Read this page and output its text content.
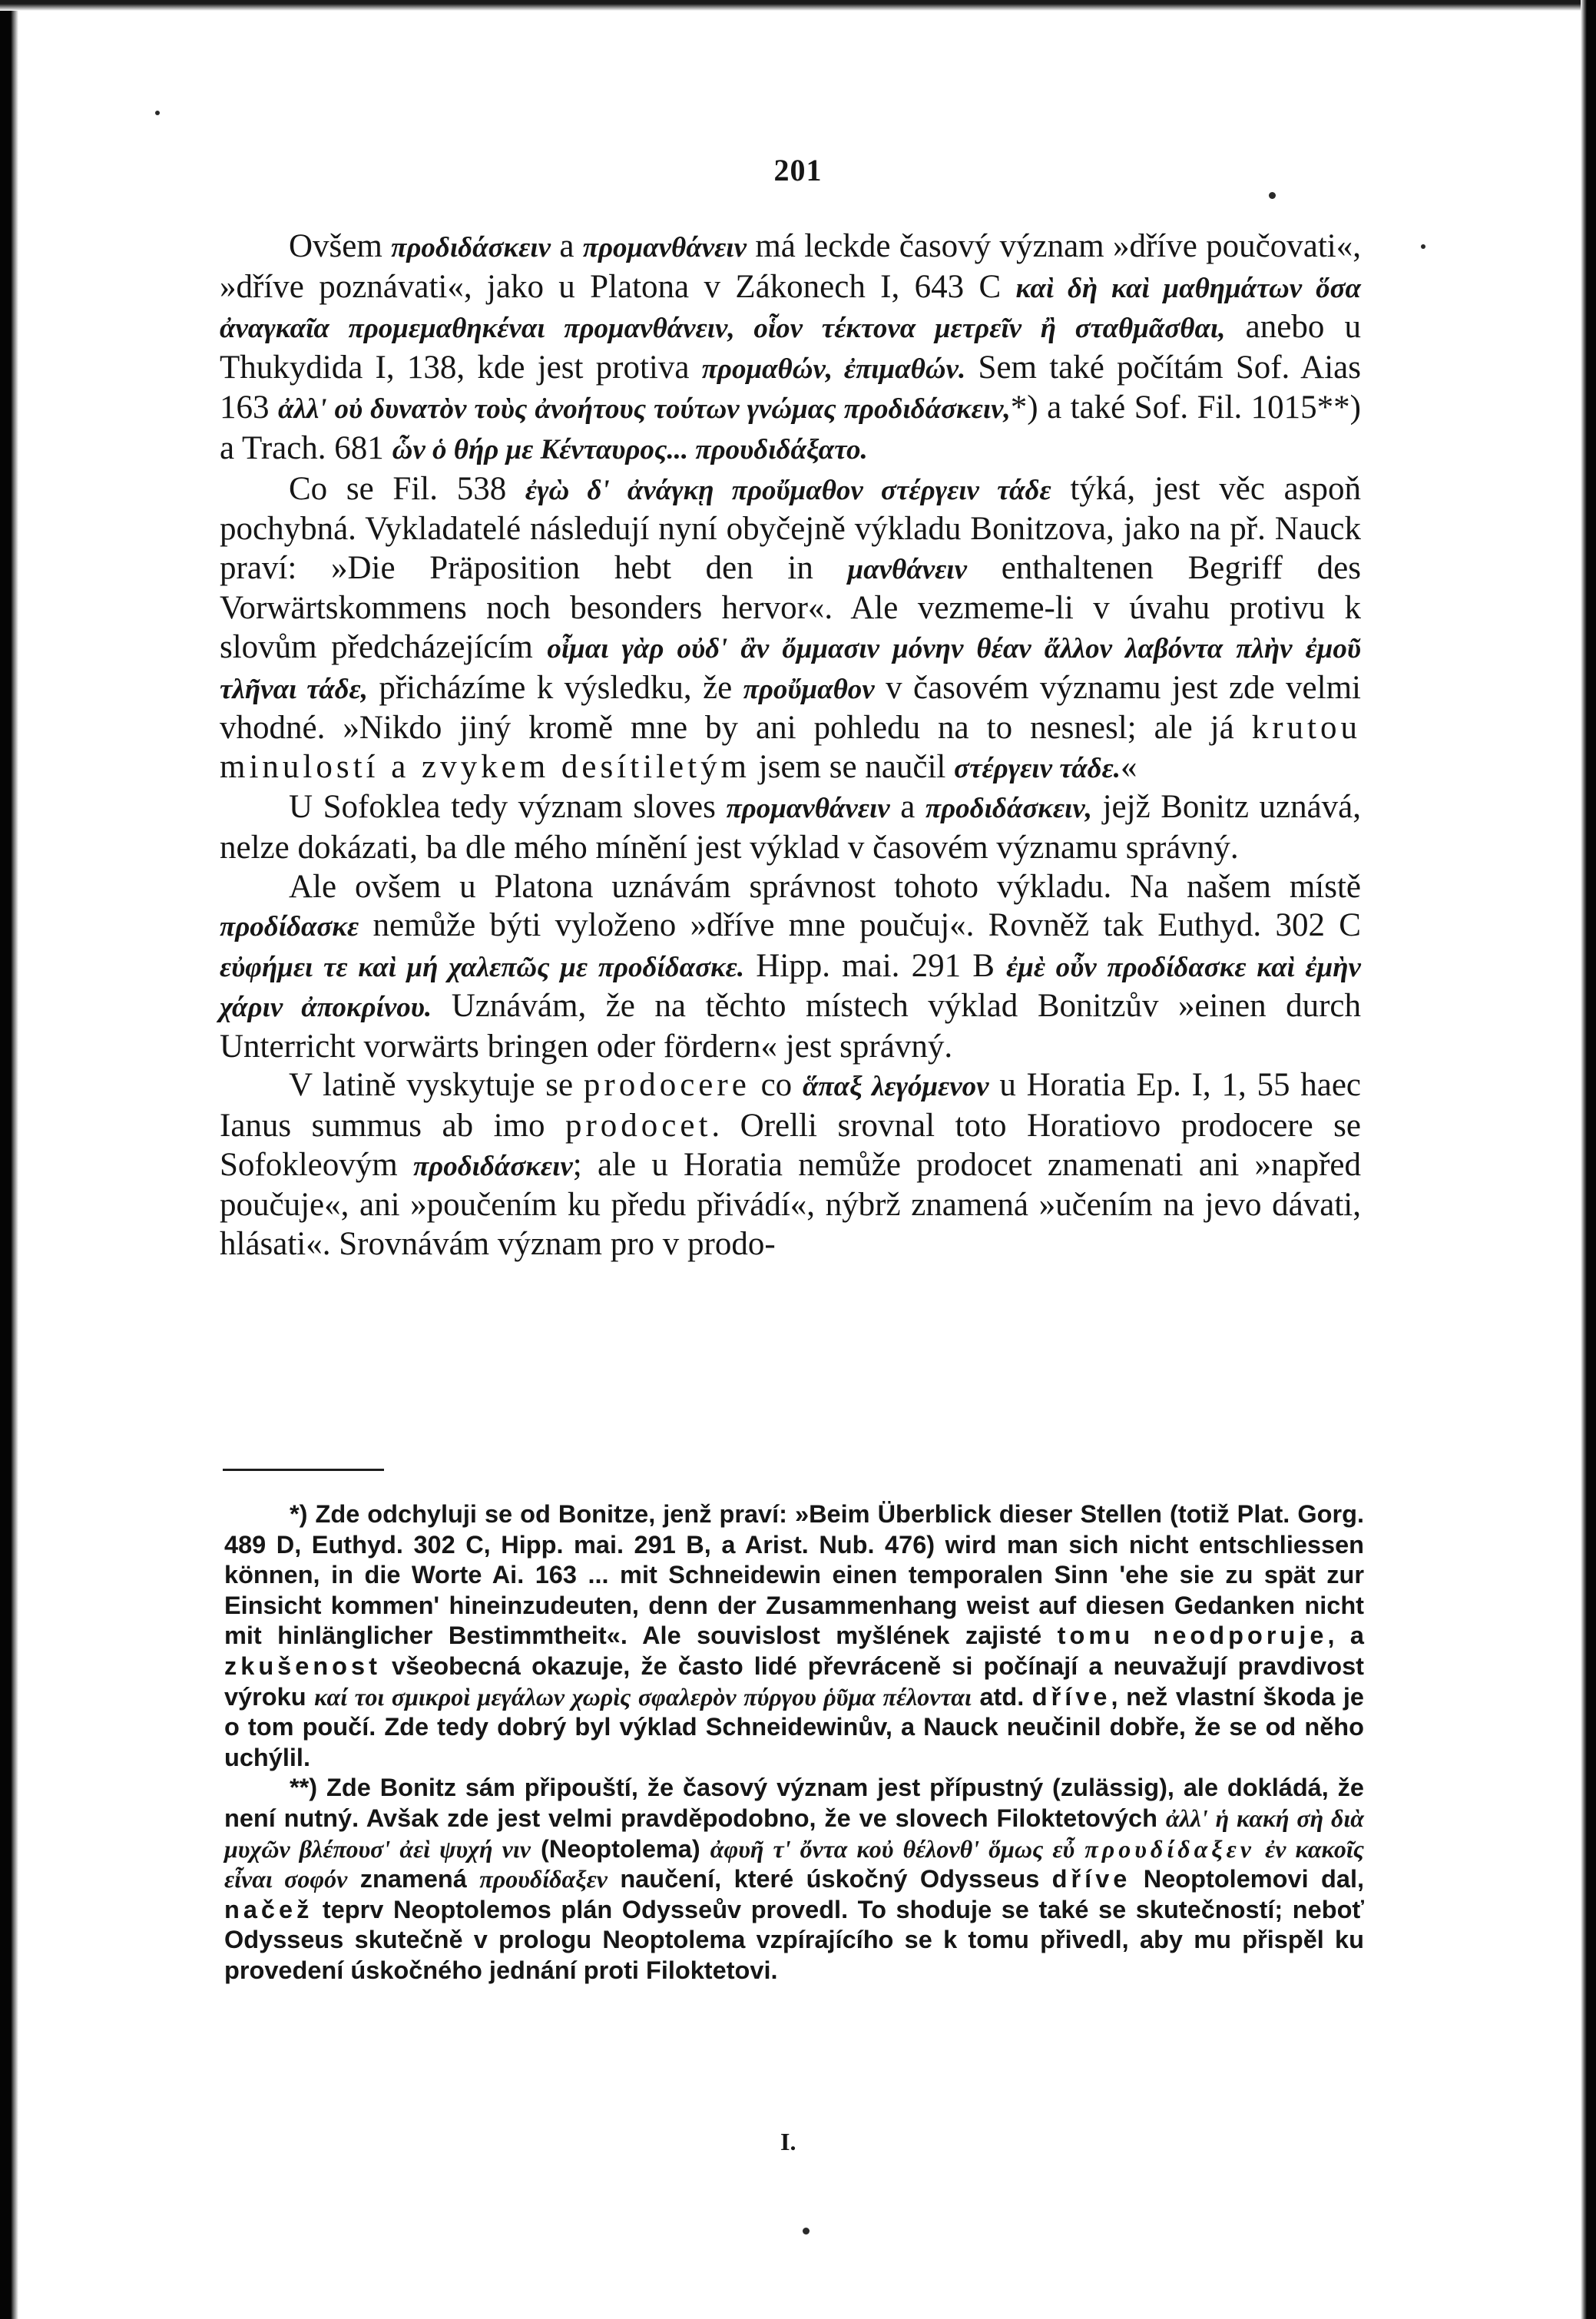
201

Ovšem προδιδάσκειν a προμανθάνειν má leckde časový význam »dříve poučovati«, »dříve poznávati«, jako u Platona v Zákonech I, 643 C καὶ δὴ καὶ μαθημάτων ὅσα ἀναγκαῖα προμεμαθηκέναι προμανθάνειν, οἷον τέκτονα μετρεῖν ἢ σταθμᾶσθαι, anebo u Thukydida I, 138, kde jest protiva προμαθών, ἐπιμαθών. Sem také počítám Sof. Aias 163 ἀλλ' οὐ δυνατὸν τοὺς ἀνοήτους τούτων γνώμας προδιδάσκειν,*) a také Sof. Fil. 1015**) a Trach. 681 ὧν ὁ θήρ με Κένταυρος... προυδιδάξατο.

Co se Fil. 538 ἐγὼ δ' ἀνάγκῃ προὔμαθον στέργειν τάδε týká, jest věc aspoň pochybná. Vykladatelé následují nyní obyčejně výkladu Bonitzova, jako na př. Nauck praví: »Die Präposition hebt den in μανθάνειν enthaltenen Begriff des Vorwärtskommens noch besonders hervor«. Ale vezmeme-li v úvahu protivu k slovům předcházejícím οἶμαι γὰρ οὐδ' ἂν ὄμμασιν μόνην θέαν ἄλλον λαβόντα πλὴν ἐμοῦ τλῆναι τάδε, přicházíme k výsledku, že προὔμαθον v časovém významu jest zde velmi vhodné. »Nikdo jiný kromě mne by ani pohledu na to nesnesl; ale já krutou minulostí a zvykem desítiletým jsem se naučil στέργειν τάδε.«

U Sofoklea tedy význam sloves προμανθάνειν a προδιδάσκειν, jejž Bonitz uznává, nelze dokázati, ba dle mého mínění jest výklad v časovém významu správný.

Ale ovšem u Platona uznávám správnost tohoto výkladu. Na našem místě προδίδασκε nemůže býti vyloženo »dříve mne poučuj«. Rovněž tak Euthyd. 302 C εὐφήμει τε καὶ μή χαλεπῶς με προδίδασκε. Hipp. mai. 291 B ἐμὲ οὖν προδίδασκε καὶ ἐμὴν χάριν ἀποκρίνου. Uznávám, že na těchto místech výklad Bonitzův »einen durch Unterricht vorwärts bringen oder fördern« jest správný.

V latině vyskytuje se prodocere co ἅπαξ λεγόμενον u Horatia Ep. I, 1, 55 haec Ianus summus ab imo prodocet. Orelli srovnal toto Horatiovo prodocere se Sofokleovým προδιδάσκειν; ale u Horatia nemůže prodocet znamenati ani »napřed poučuje«, ani »poučením ku předu přivádí«, nýbrž znamená »učením na jevo dávati, hlásati«. Srovnávám význam pro v prodo-

*) Zde odchyluji se od Bonitze, jenž praví: »Beim Überblick dieser Stellen (totiž Plat. Gorg. 489 D, Euthyd. 302 C, Hipp. mai. 291 B, a Arist. Nub. 476) wird man sich nicht entschliessen können, in die Worte Ai. 163 ... mit Schneidewin einen temporalen Sinn 'ehe sie zu spät zur Einsicht kommen' hineinzudeuten, denn der Zusammenhang weist auf diesen Gedanken nicht mit hinlänglicher Bestimmtheit«. Ale souvislost myšlének zajisté tomu neodporuje, a zkušenost všeobecná okazuje, že často lidé převráceně si počínají a neuvažují pravdivost výroku καί τοι σμικροὶ μεγάλων χωρὶς σφαλερὸν πύργου ῥῦμα πέλονται atd. dříve, než vlastní škoda je o tom poučí. Zde tedy dobrý byl výklad Schneidewinův, a Nauck neučinil dobře, že se od něho uchýlil.

**) Zde Bonitz sám připouští, že časový význam jest přípustný (zulässig), ale dokládá, že není nutný. Avšak zde jest velmi pravděpodobno, že ve slovech Filoktetových ἀλλ' ἡ κακή σὴ διὰ μυχῶν βλέπουσ' ἀεὶ ψυχή νιν (Neoptolema) ἀφυῆ τ' ὄντα κοὐ θέλονθ' ὅμως εὖ προυδίδαξεν ἐν κακοῖς εἶναι σοφόν znamená προυδίδαξεν naučení, které úskočný Odysseus dříve Neoptolemovi dal, načež teprv Neoptolemos plán Odysseův provedl. To shoduje se také se skutečností; neboť Odysseus skutečně v prologu Neoptolema vzpírajícího se k tomu přivedl, aby mu přispěl ku provedení úskočného jednání proti Filoktetovi.

I.
